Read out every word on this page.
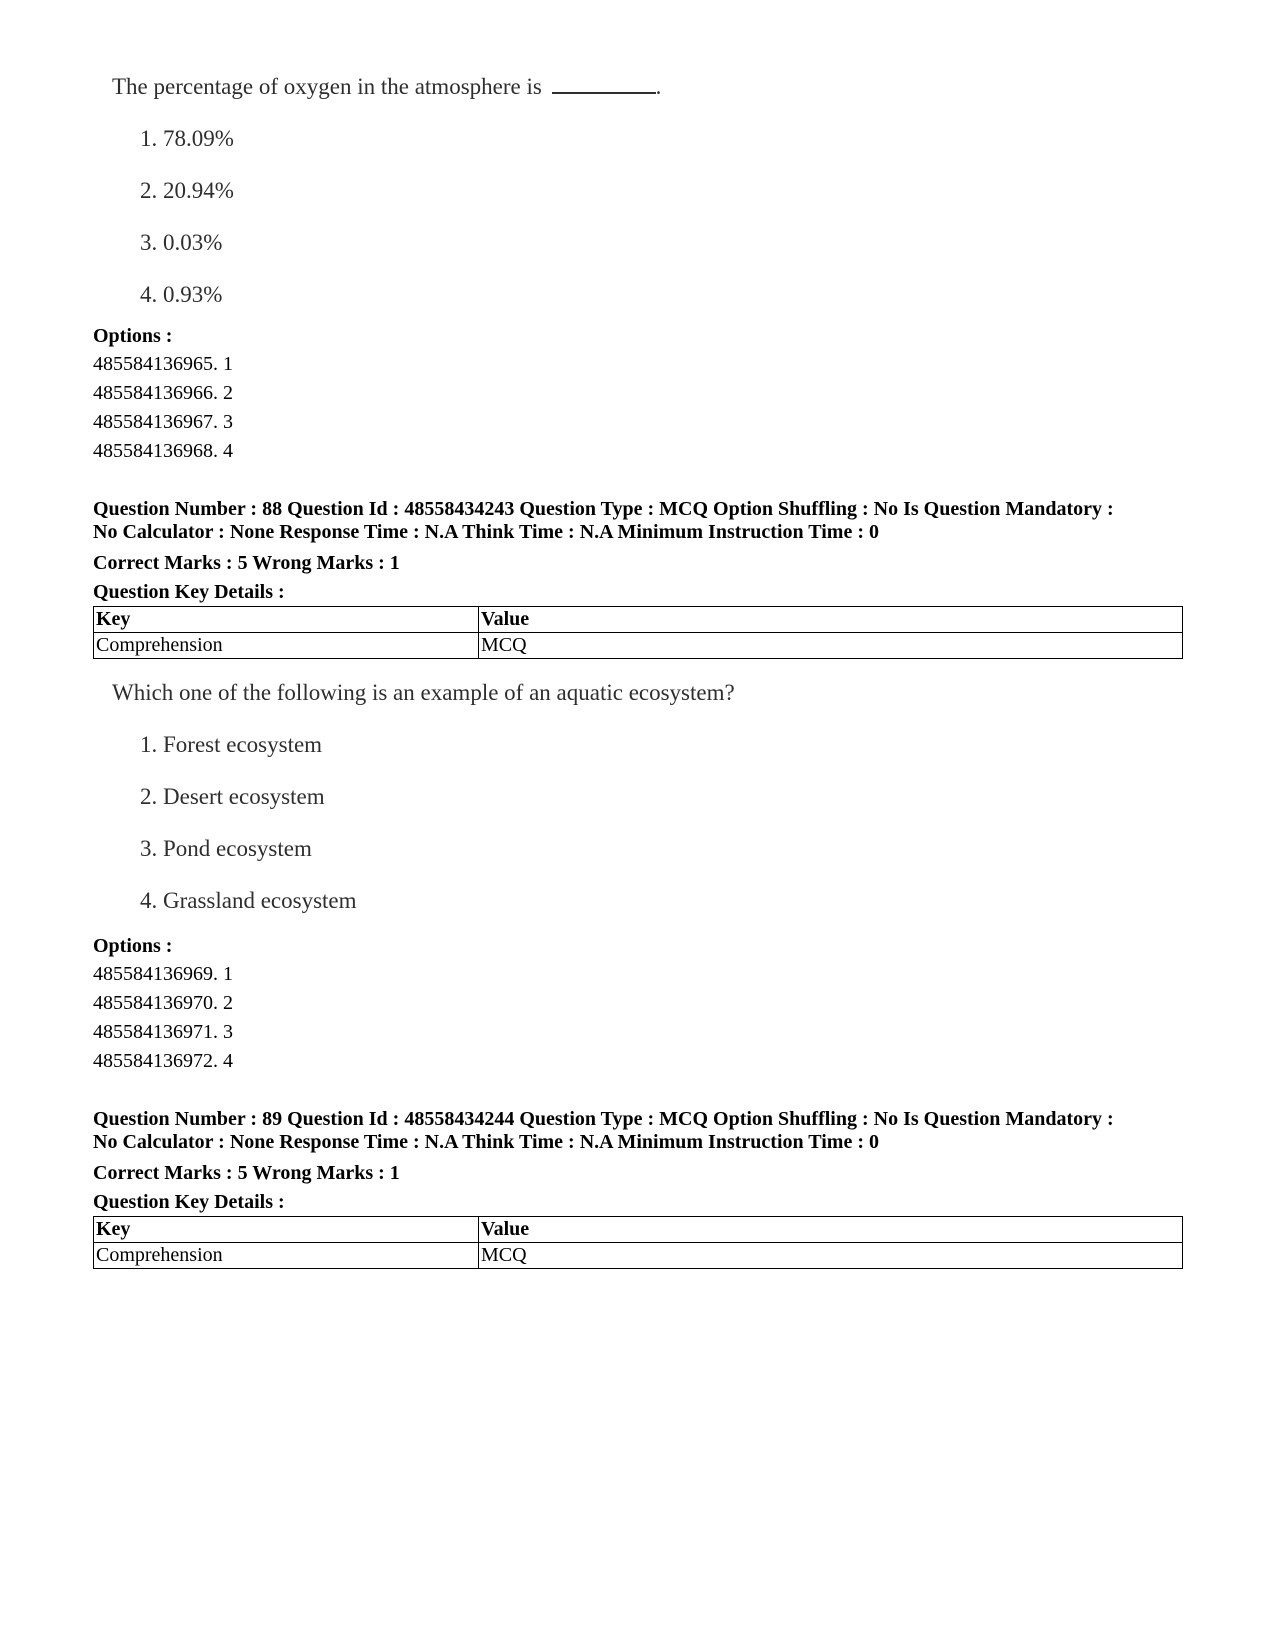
The percentage of oxygen in the atmosphere is	.
1. 78.09%
2. 20.94%
3. 0.03%
4. 0.93%
Options :
485584136965. 1
485584136966. 2
485584136967. 3
485584136968. 4
Question Number : 88 Question Id : 48558434243 Question Type : MCQ Option Shuffling : No Is Question Mandatory :
No Calculator : None Response Time : N.A Think Time : N.A Minimum Instruction Time : 0
Correct Marks : 5 Wrong Marks : 1
Question Key Details :
Key	Value
Comprehension	MCQ
Which one of the following is an example of an aquatic ecosystem?
1. Forest ecosystem
2. Desert ecosystem
3. Pond ecosystem
4. Grassland ecosystem
Options :
485584136969. 1
485584136970. 2
485584136971. 3
485584136972. 4
Question Number : 89 Question Id : 48558434244 Question Type : MCQ Option Shuffling : No Is Question Mandatory :
No Calculator : None Response Time : N.A Think Time : N.A Minimum Instruction Time : 0
Correct Marks : 5 Wrong Marks : 1
Question Key Details :
Key	Value
Comprehension	MCQ
